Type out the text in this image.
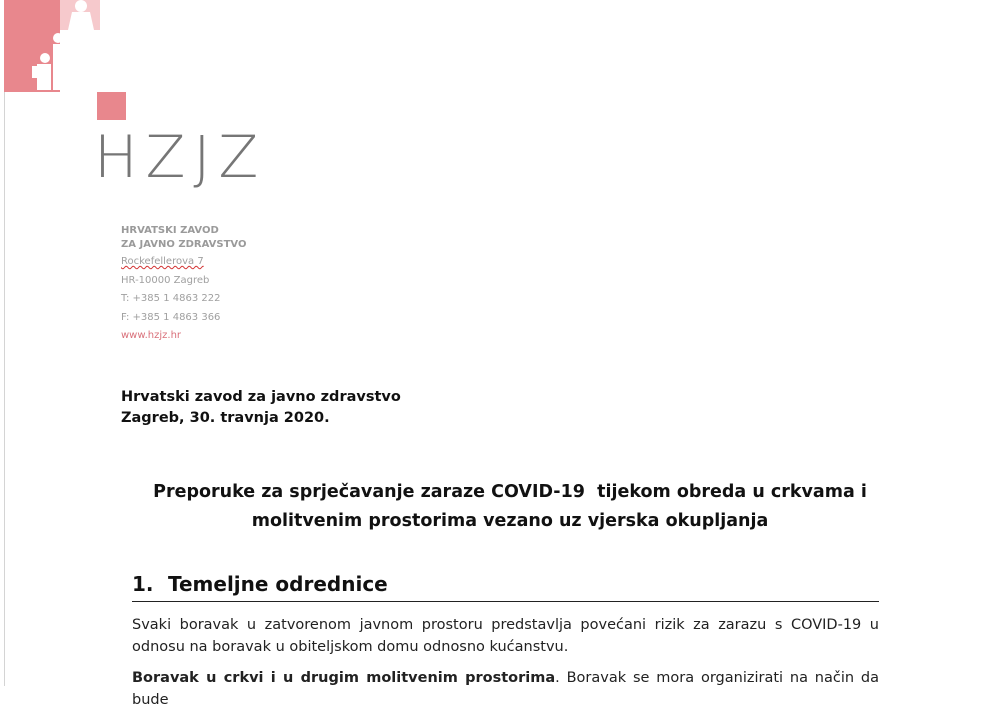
HZJZ
HRVATSKI ZAVOD
ZA JAVNO ZDRAVSTVO
Rockefellerova 7
HR-10000 Zagreb
T: +385 1 4863 222
F: +385 1 4863 366
www.hzjz.hr
Hrvatski zavod za javno zdravstvo
Zagreb, 30. travnja 2020.
Preporuke za sprječavanje zaraze COVID-19  tijekom obreda u crkvama i
molitvenim prostorima vezano uz vjerska okupljanja
1. Temeljne odrednice
Svaki boravak u zatvorenom javnom prostoru predstavlja povećani rizik za zarazu s COVID-19 u odnosu na boravak u obiteljskom domu odnosno kućanstvu.
Boravak u crkvi i u drugim molitvenim prostorima. Boravak se mora organizirati na način da bude
